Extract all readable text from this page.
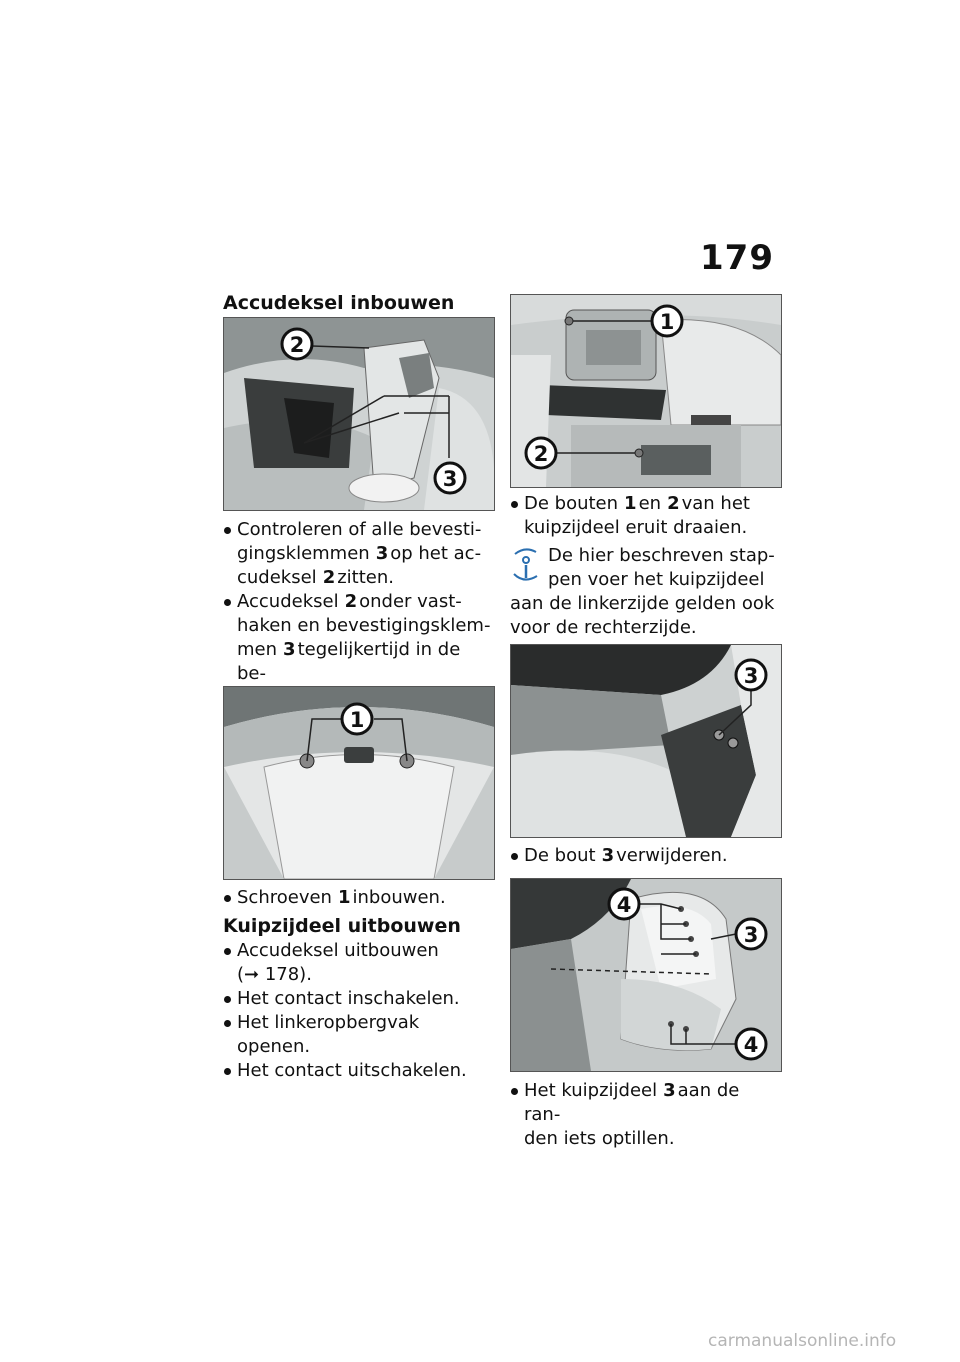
179
Accudeksel inbouwen
2
3
Controleren of alle bevesti-
gingsklemmen 3 op het ac-
cudeksel 2 zitten.
Accudeksel 2 onder vast-
haken en bevestigingsklem-
men 3 tegelijkertijd in de be-
1
Schroeven 1 inbouwen.
Kuipzijdeel uitbouwen
Accudeksel uitbouwen
(➞ 178).
Het contact inschakelen.
Het linkeropbergvak openen.
Het contact uitschakelen.
1
2
De bouten 1 en 2 van het
kuipzijdeel eruit draaien.
De hier beschreven stap-
pen voer het kuipzijdeel
aan de linkerzijde gelden ook
voor de rechterzijde.
3
De bout 3 verwijderen.
4
3
4
Het kuipzijdeel 3 aan de ran-
den iets optillen.
carmanualsonline.info
